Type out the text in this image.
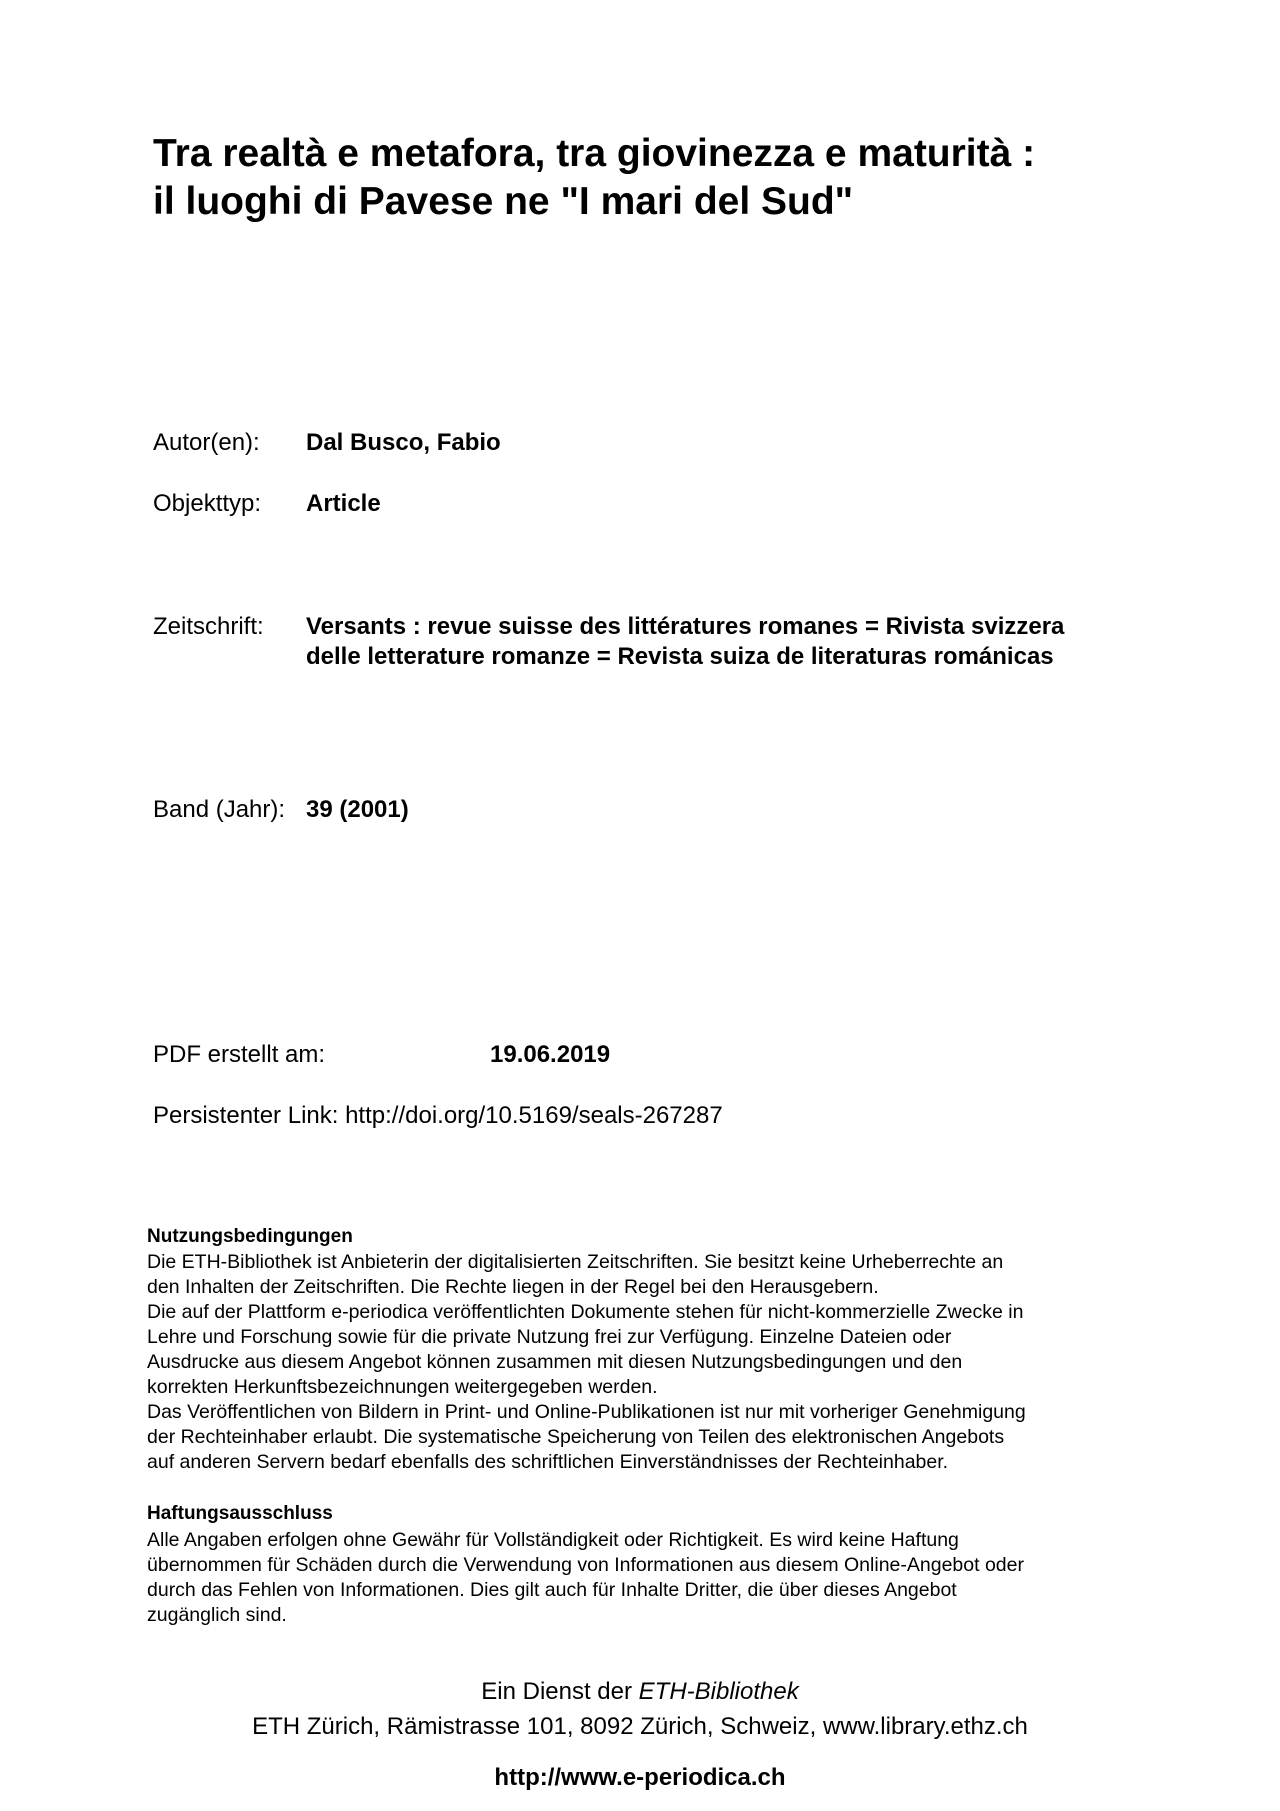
Tra realtà e metafora, tra giovinezza e maturità :
il luoghi di Pavese ne "I mari del Sud"
Autor(en): Dal Busco, Fabio
Objekttyp: Article
Zeitschrift: Versants : revue suisse des littératures romanes = Rivista svizzera
delle letterature romanze = Revista suiza de literaturas románicas
Band (Jahr): 39 (2001)
PDF erstellt am:	19.06.2019
Persistenter Link: http://doi.org/10.5169/seals-267287
Nutzungsbedingungen
Die ETH-Bibliothek ist Anbieterin der digitalisierten Zeitschriften. Sie besitzt keine Urheberrechte an
den Inhalten der Zeitschriften. Die Rechte liegen in der Regel bei den Herausgebern.
Die auf der Plattform e-periodica veröffentlichten Dokumente stehen für nicht-kommerzielle Zwecke in
Lehre und Forschung sowie für die private Nutzung frei zur Verfügung. Einzelne Dateien oder
Ausdrucke aus diesem Angebot können zusammen mit diesen Nutzungsbedingungen und den
korrekten Herkunftsbezeichnungen weitergegeben werden.
Das Veröffentlichen von Bildern in Print- und Online-Publikationen ist nur mit vorheriger Genehmigung
der Rechteinhaber erlaubt. Die systematische Speicherung von Teilen des elektronischen Angebots
auf anderen Servern bedarf ebenfalls des schriftlichen Einverständnisses der Rechteinhaber.
Haftungsausschluss
Alle Angaben erfolgen ohne Gewähr für Vollständigkeit oder Richtigkeit. Es wird keine Haftung
übernommen für Schäden durch die Verwendung von Informationen aus diesem Online-Angebot oder
durch das Fehlen von Informationen. Dies gilt auch für Inhalte Dritter, die über dieses Angebot
zugänglich sind.
Ein Dienst der ETH-Bibliothek
ETH Zürich, Rämistrasse 101, 8092 Zürich, Schweiz, www.library.ethz.ch
http://www.e-periodica.ch
